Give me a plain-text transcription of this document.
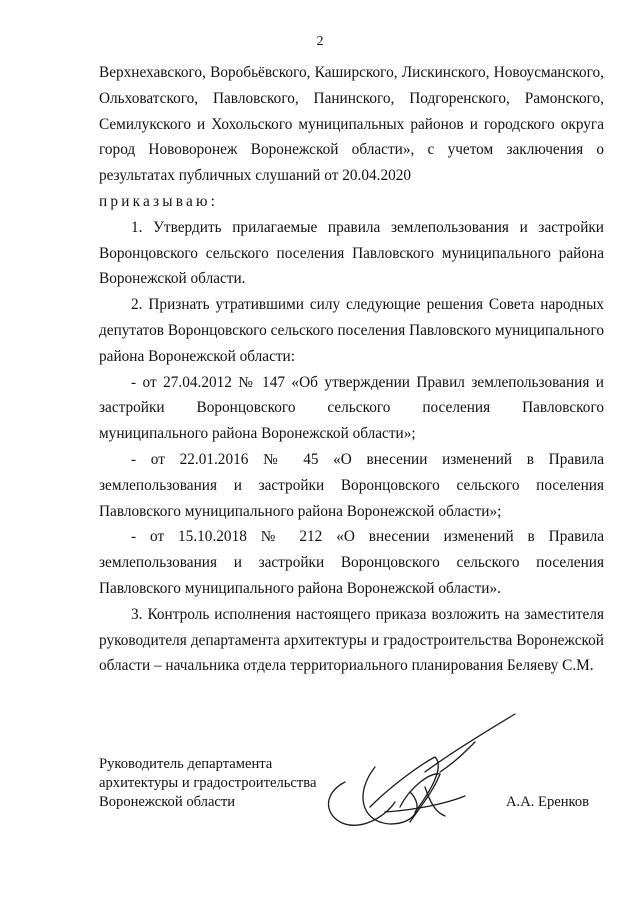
2

Верхнехавского, Воробьёвского, Каширского, Лискинского, Новоусманского,

Ольховатского, Павловского, Панинского, Подгоренского, Рамонского,

Семилукского и Хохольского муниципальных районов и городского округа

город Нововоронеж Воронежской области», с учетом заключения о

результатах публичных слушаний от 20.04.2020

приказываю:

1. Утвердить прилагаемые правила землепользования и застройки Воронцовского сельского поселения Павловского муниципального района Воронежской области.

2. Признать утратившими силу следующие решения Совета народных депутатов Воронцовского сельского поселения Павловского муниципального района Воронежской области:

- от 27.04.2012 № 147 «Об утверждении Правил землепользования и застройки Воронцовского сельского поселения Павловского муниципального района Воронежской области»;

- от 22.01.2016 № 45 «О внесении изменений в Правила землепользования и застройки Воронцовского сельского поселения Павловского муниципального района Воронежской области»;

- от 15.10.2018 № 212 «О внесении изменений в Правила землепользования и застройки Воронцовского сельского поселения Павловского муниципального района Воронежской области».

3. Контроль исполнения настоящего приказа возложить на заместителя руководителя департамента архитектуры и градостроительства Воронежской области – начальника отдела территориального планирования Беляеву С.М.

Руководитель департамента
архитектуры и градостроительства
Воронежской области	А.А. Еренков
